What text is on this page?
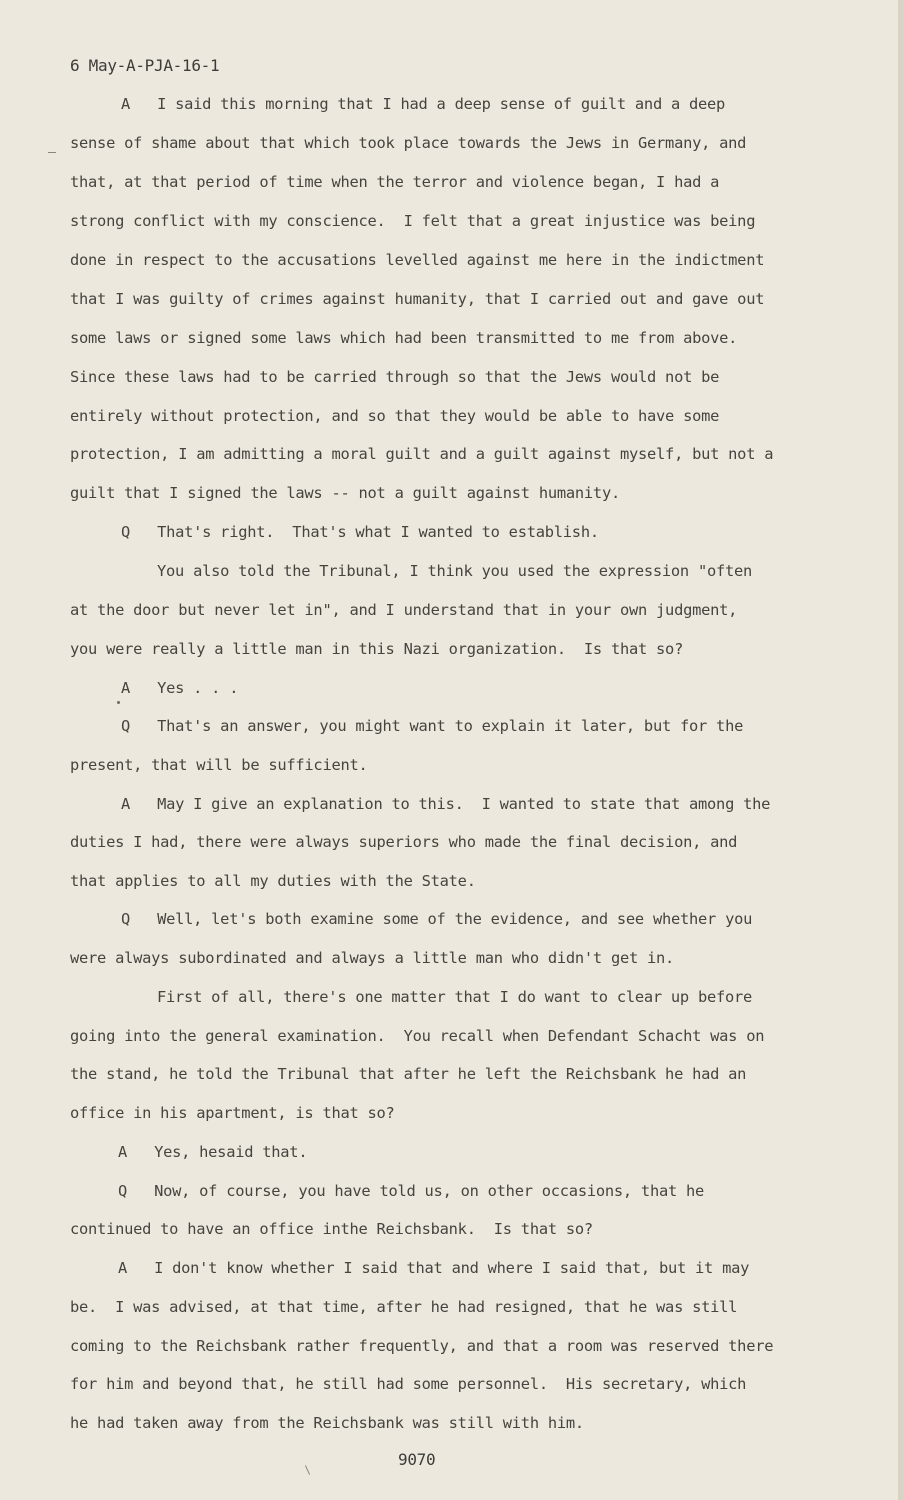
6 May-A-PJA-16-1
A   I said this morning that I had a deep sense of guilt and a deep
sense of shame about that which took place towards the Jews in Germany, and
that, at that period of time when the terror and violence began, I had a
strong conflict with my conscience.  I felt that a great injustice was being
done in respect to the accusations levelled against me here in the indictment
that I was guilty of crimes against humanity, that I carried out and gave out
some laws or signed some laws which had been transmitted to me from above.
Since these laws had to be carried through so that the Jews would not be
entirely without protection, and so that they would be able to have some
protection, I am admitting a moral guilt and a guilt against myself, but not a
guilt that I signed the laws -- not a guilt against humanity.
Q   That's right.  That's what I wanted to establish.
You also told the Tribunal, I think you used the expression "often
at the door but never let in", and I understand that in your own judgment,
you were really a little man in this Nazi organization.  Is that so?
A   Yes . . .
Q   That's an answer, you might want to explain it later, but for the
present, that will be sufficient.
A   May I give an explanation to this.  I wanted to state that among the
duties I had, there were always superiors who made the final decision, and
that applies to all my duties with the State.
Q   Well, let's both examine some of the evidence, and see whether you
were always subordinated and always a little man who didn't get in.
First of all, there's one matter that I do want to clear up before
going into the general examination.  You recall when Defendant Schacht was on
the stand, he told the Tribunal that after he left the Reichsbank he had an
office in his apartment, is that so?
A   Yes, hesaid that.
Q   Now, of course, you have told us, on other occasions, that he
continued to have an office inthe Reichsbank.  Is that so?
A   I don't know whether I said that and where I said that, but it may
be.  I was advised, at that time, after he had resigned, that he was still
coming to the Reichsbank rather frequently, and that a room was reserved there
for him and beyond that, he still had some personnel.  His secretary, which
he had taken away from the Reichsbank was still with him.
9070
